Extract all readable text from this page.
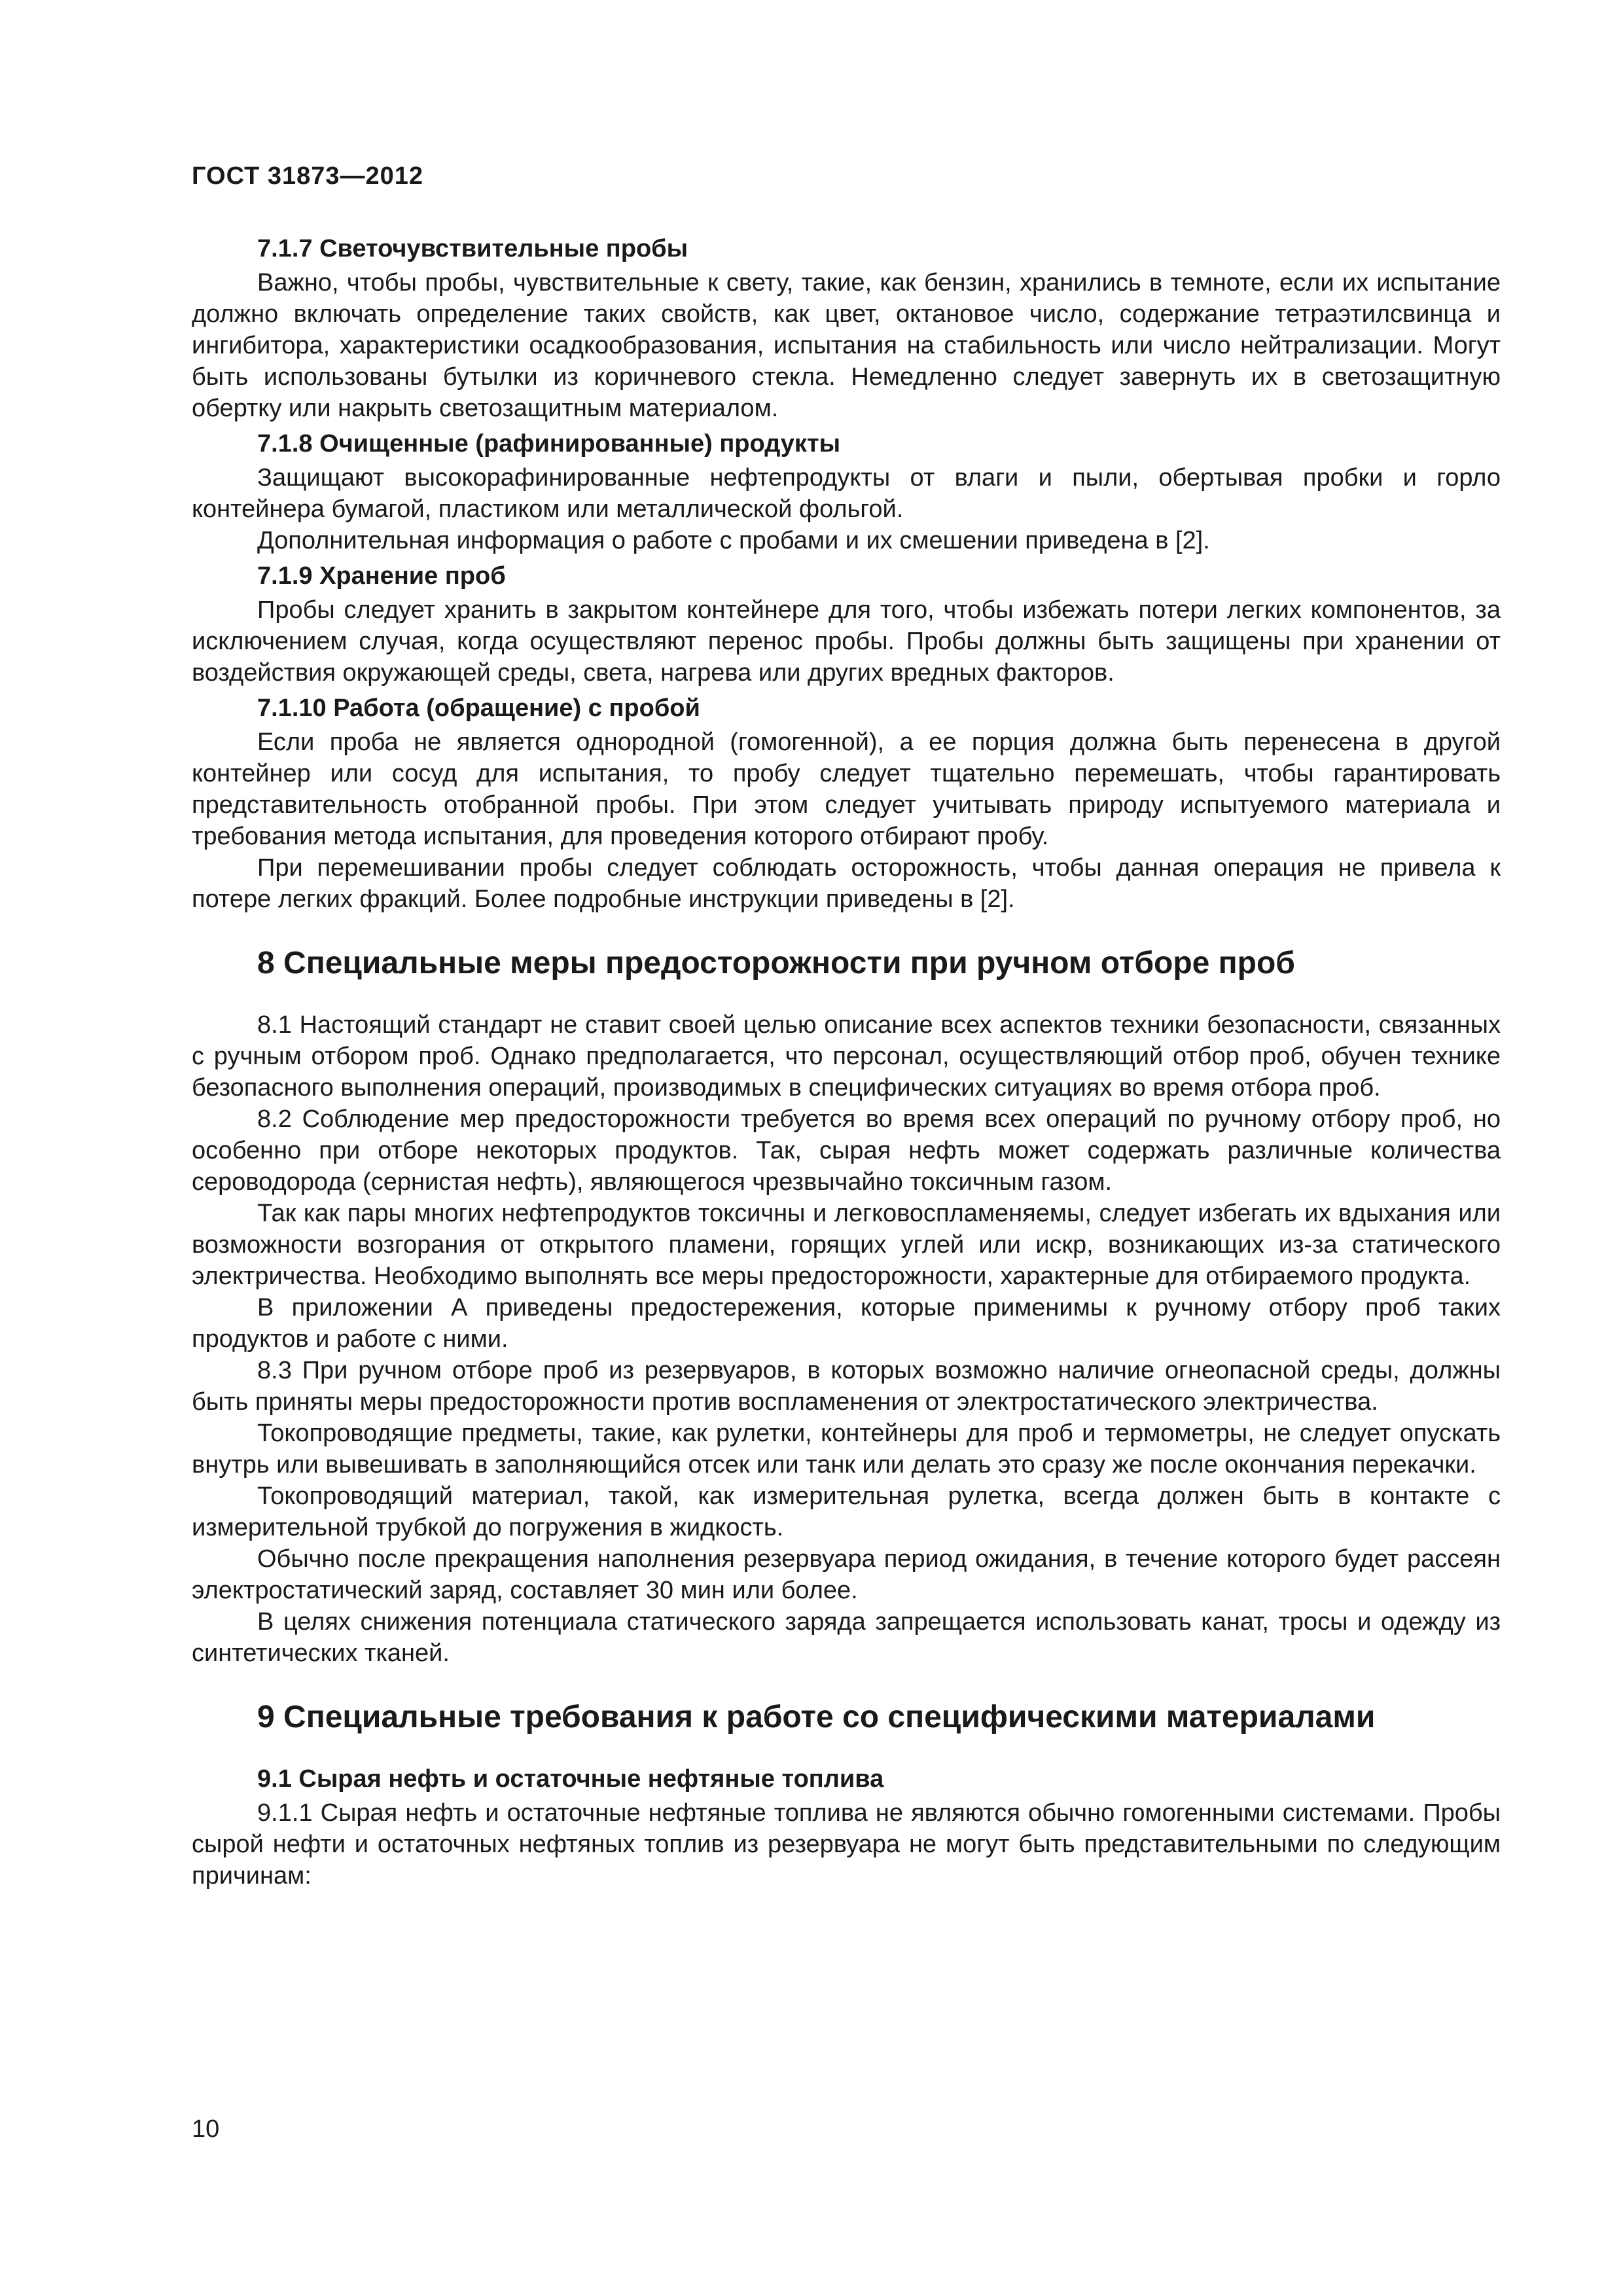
ГОСТ 31873—2012
7.1.7 Светочувствительные пробы

Важно, чтобы пробы, чувствительные к свету, такие, как бензин, хранились в темноте, если их испытание должно включать определение таких свойств, как цвет, октановое число, содержание тетраэтилсвинца и ингибитора, характеристики осадкообразования, испытания на стабильность или число нейтрализации. Могут быть использованы бутылки из коричневого стекла. Немедленно следует завернуть их в светозащитную обертку или накрыть светозащитным материалом.

7.1.8 Очищенные (рафинированные) продукты

Защищают высокорафинированные нефтепродукты от влаги и пыли, обертывая пробки и горло контейнера бумагой, пластиком или металлической фольгой.

Дополнительная информация о работе с пробами и их смешении приведена в [2].

7.1.9 Хранение проб

Пробы следует хранить в закрытом контейнере для того, чтобы избежать потери легких компонентов, за исключением случая, когда осуществляют перенос пробы. Пробы должны быть защищены при хранении от воздействия окружающей среды, света, нагрева или других вредных факторов.

7.1.10 Работа (обращение) с пробой

Если проба не является однородной (гомогенной), а ее порция должна быть перенесена в другой контейнер или сосуд для испытания, то пробу следует тщательно перемешать, чтобы гарантировать представительность отобранной пробы. При этом следует учитывать природу испытуемого материала и требования метода испытания, для проведения которого отбирают пробу.

При перемешивании пробы следует соблюдать осторожность, чтобы данная операция не привела к потере легких фракций. Более подробные инструкции приведены в [2].

8 Специальные меры предосторожности при ручном отборе проб

8.1 Настоящий стандарт не ставит своей целью описание всех аспектов техники безопасности, связанных с ручным отбором проб. Однако предполагается, что персонал, осуществляющий отбор проб, обучен технике безопасного выполнения операций, производимых в специфических ситуациях во время отбора проб.

8.2 Соблюдение мер предосторожности требуется во время всех операций по ручному отбору проб, но особенно при отборе некоторых продуктов. Так, сырая нефть может содержать различные количества сероводорода (сернистая нефть), являющегося чрезвычайно токсичным газом.

Так как пары многих нефтепродуктов токсичны и легковоспламеняемы, следует избегать их вдыхания или возможности возгорания от открытого пламени, горящих углей или искр, возникающих из-за статического электричества. Необходимо выполнять все меры предосторожности, характерные для отбираемого продукта.

В приложении А приведены предостережения, которые применимы к ручному отбору проб таких продуктов и работе с ними.

8.3 При ручном отборе проб из резервуаров, в которых возможно наличие огнеопасной среды, должны быть приняты меры предосторожности против воспламенения от электростатического электричества.

Токопроводящие предметы, такие, как рулетки, контейнеры для проб и термометры, не следует опускать внутрь или вывешивать в заполняющийся отсек или танк или делать это сразу же после окончания перекачки.

Токопроводящий материал, такой, как измерительная рулетка, всегда должен быть в контакте с измерительной трубкой до погружения в жидкость.

Обычно после прекращения наполнения резервуара период ожидания, в течение которого будет рассеян электростатический заряд, составляет 30 мин или более.

В целях снижения потенциала статического заряда запрещается использовать канат, тросы и одежду из синтетических тканей.

9 Специальные требования к работе со специфическими материалами
9.1 Сырая нефть и остаточные нефтяные топлива

9.1.1 Сырая нефть и остаточные нефтяные топлива не являются обычно гомогенными системами. Пробы сырой нефти и остаточных нефтяных топлив из резервуара не могут быть представительными по следующим причинам:

10
